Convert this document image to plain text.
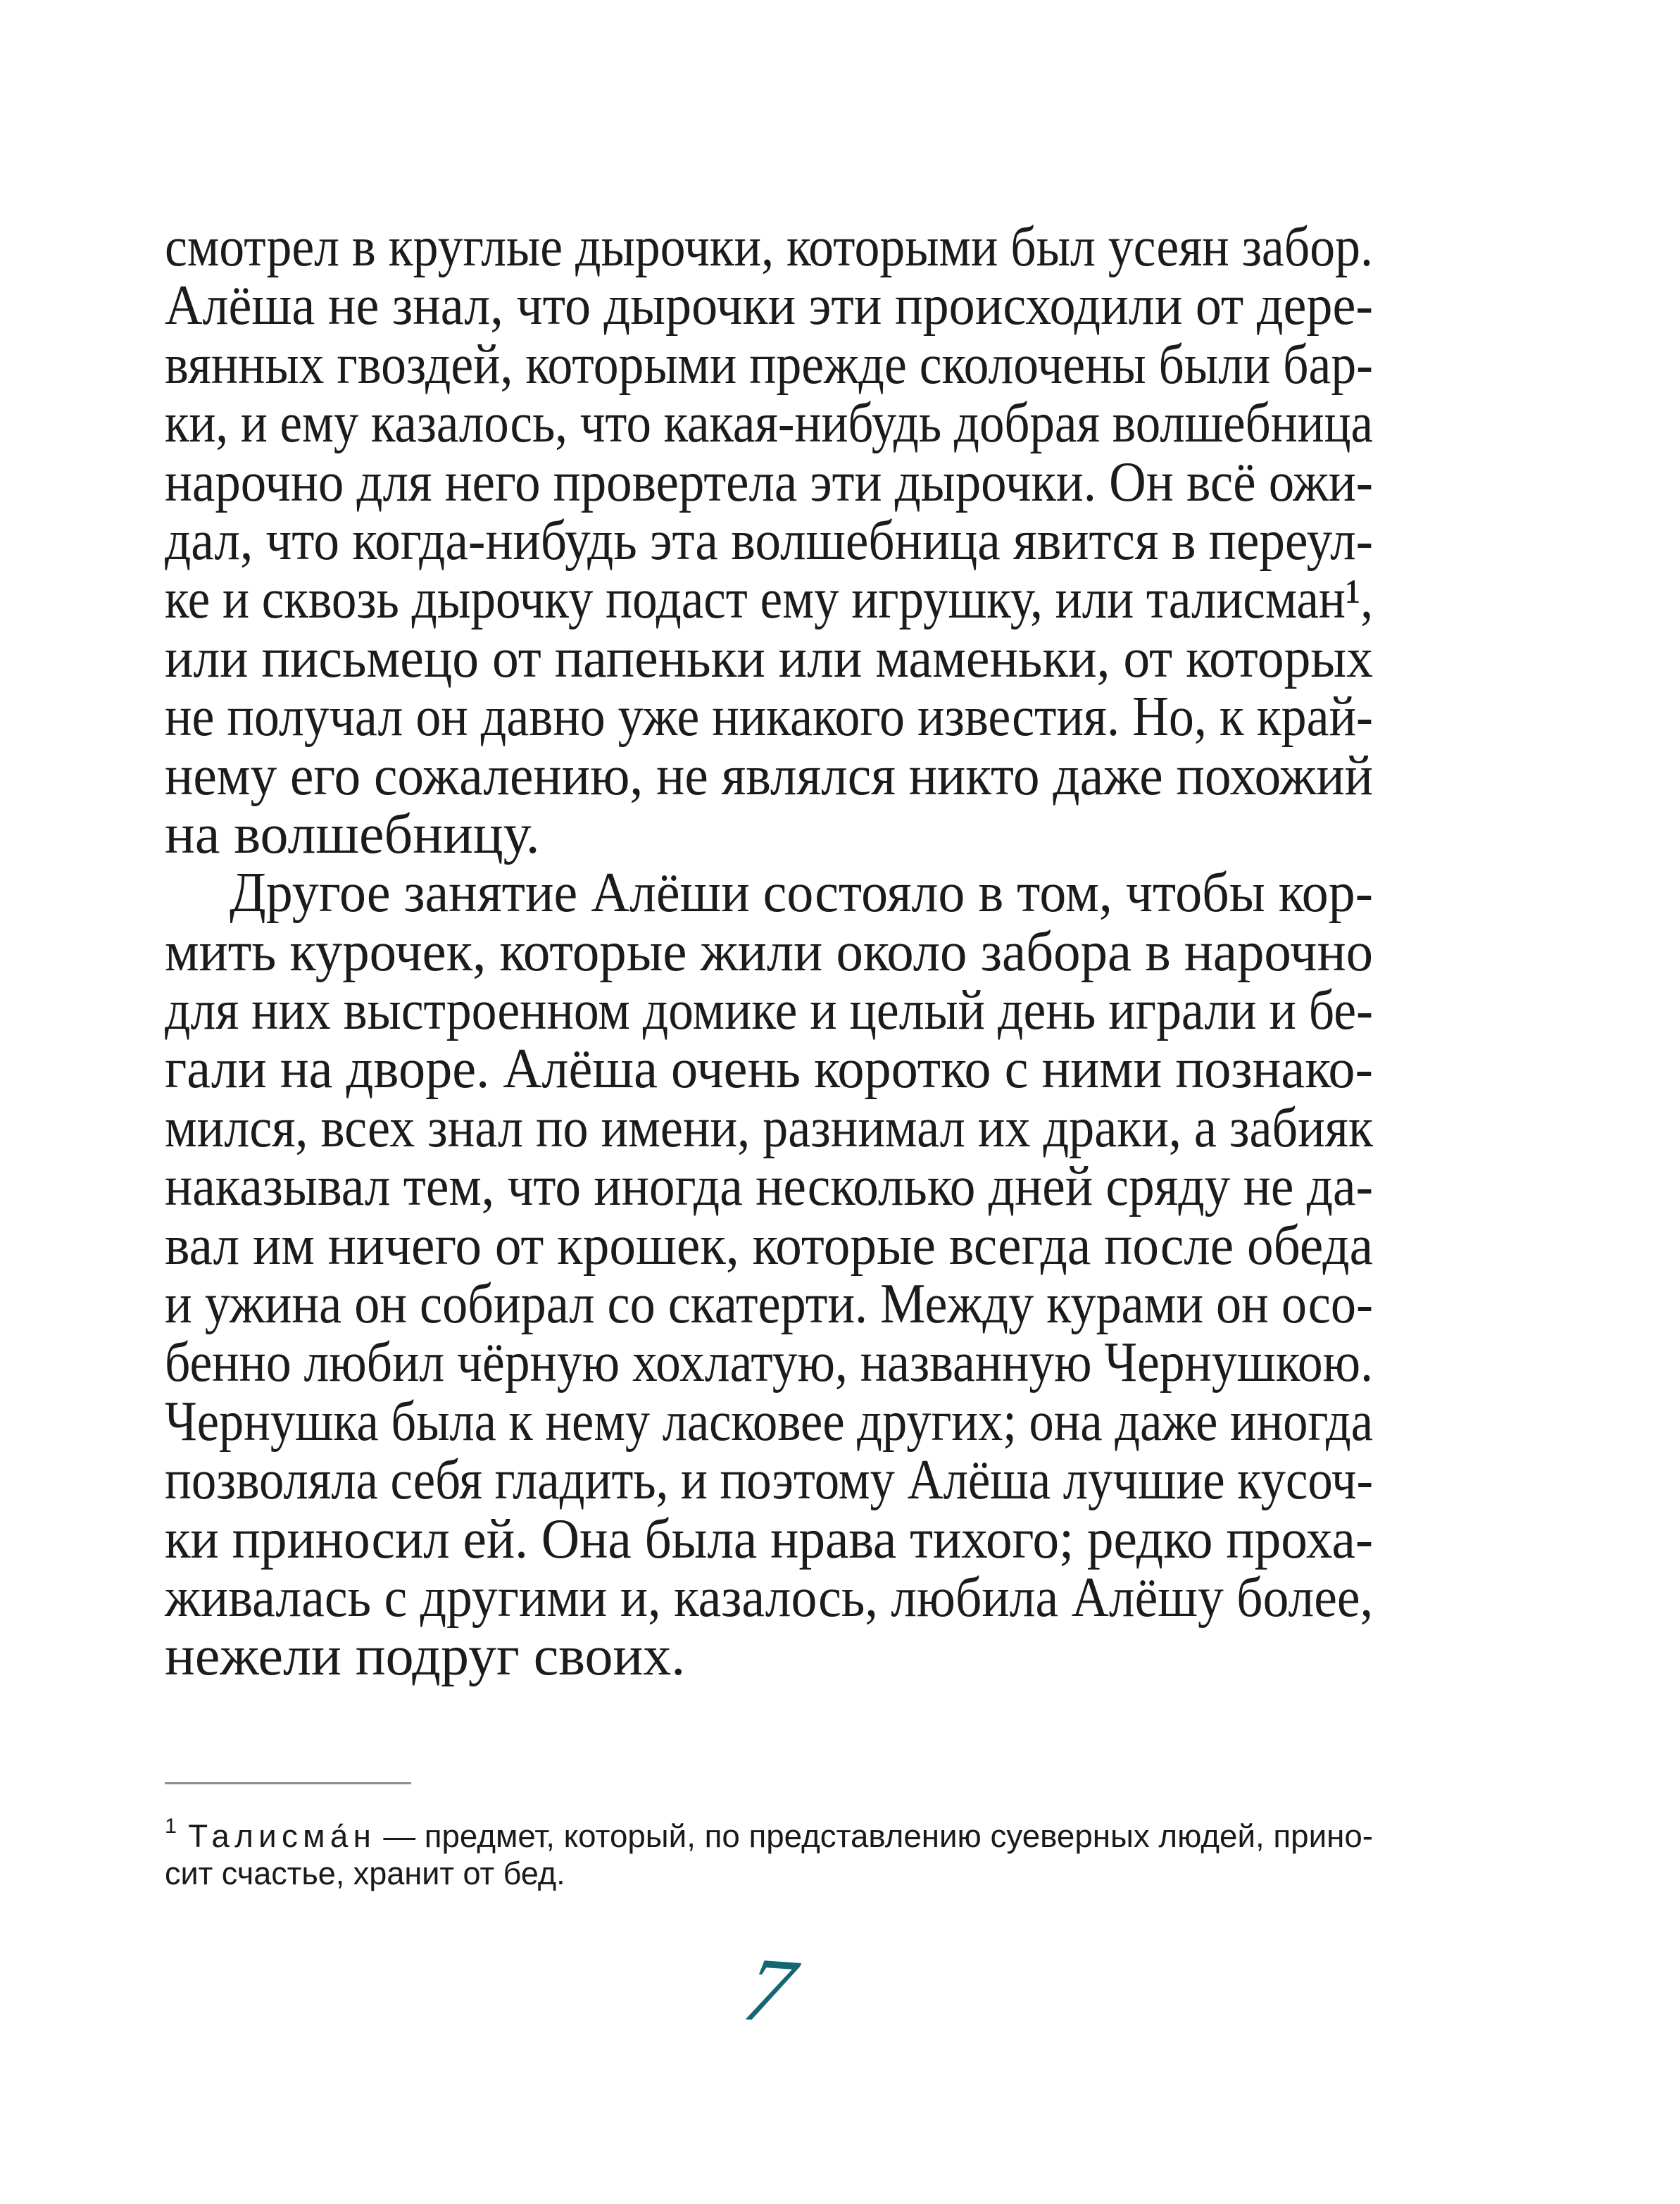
смотрел в круглые дырочки, которыми был усеян забор.
Алёша не знал, что дырочки эти происходили от дере-
вянных гвоздей, которыми прежде сколочены были бар-
ки, и ему казалось, что какая-нибудь добрая волшебница
нарочно для него провертела эти дырочки. Он всё ожи-
дал, что когда-нибудь эта волшебница явится в переул-
ке и сквозь дырочку подаст ему игрушку, или талисман¹,
или письмецо от папеньки или маменьки, от которых
не получал он давно уже никакого известия. Но, к край-
нему его сожалению, не являлся никто даже похожий
на волшебницу.
Другое занятие Алёши состояло в том, чтобы кор-
мить курочек, которые жили около забора в нарочно
для них выстроенном домике и целый день играли и бе-
гали на дворе. Алёша очень коротко с ними познако-
мился, всех знал по имени, разнимал их драки, а забияк
наказывал тем, что иногда несколько дней сряду не да-
вал им ничего от крошек, которые всегда после обеда
и ужина он собирал со скатерти. Между курами он осо-
бенно любил чёрную хохлатую, названную Чернушкою.
Чернушка была к нему ласковее других; она даже иногда
позволяла себя гладить, и поэтому Алёша лучшие кусоч-
ки приносил ей. Она была нрава тихого; редко проха-
живалась с другими и, казалось, любила Алёшу более,
нежели подруг своих.
$^1$ Талисма́н — предмет, который, по представлению суеверных людей, прино-
сит счастье, хранит от бед.
7
